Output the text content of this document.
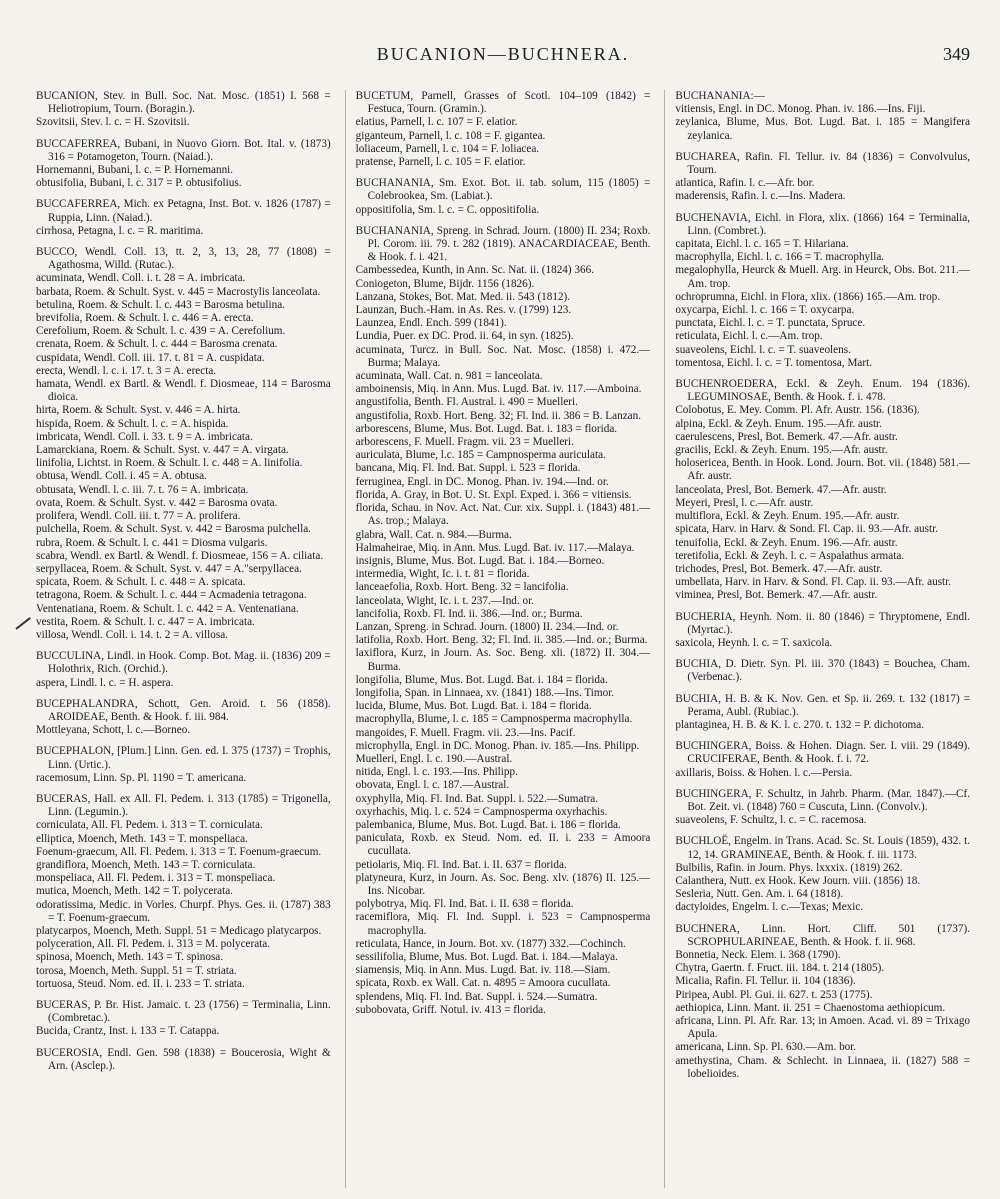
BUCANION—BUCHNERA.	349
BUCANION, Stev. in Bull. Soc. Nat. Mosc. (1851) I. 568 = Heliotropium, Tourn. (Boragin.).
Szovitsii, Stev. l. c. = H. Szovitsii.
BUCCAFERREA, Bubani, in Nuovo Giorn. Bot. Ital. v. (1873) 316 = Potamogeton, Tourn. (Naiad.).
Hornemanni, Bubani, l. c. = P. Hornemanni.
obtusifolia, Bubani, l. c. 317 = P. obtusifolius.
BUCCAFERREA, Mich. ex Petagna, Inst. Bot. v. 1826 (1787) = Ruppia, Linn. (Naiad.).
cirrhosa, Petagna, l. c. = R. maritima.
BUCCO, Wendl. Coll. 13, tt. 2, 3, 13, 28, 77 (1808) = Agathosma, Willd. (Rutac.).
acuminata, Wendl. Coll. i. t. 28 = A. imbricata.
barbata, Roem. & Schult. Syst. v. 445 = Macrostylis lanceolata.
betulina, Roem. & Schult. l. c. 443 = Barosma betulina.
brevifolia, Roem. & Schult. l. c. 446 = A. erecta.
Cerefolium, Roem. & Schult. l. c. 439 = A. Cerefolium.
crenata, Roem. & Schult. l. c. 444 = Barosma crenata.
cuspidata, Wendl. Coll. iii. 17. t. 81 = A. cuspidata.
erecta, Wendl. l. c. i. 17. t. 3 = A. erecta.
hamata, Wendl. ex Bartl. & Wendl. f. Diosmeae, 114 = Barosma dioica.
hirta, Roem. & Schult. Syst. v. 446 = A. hirta.
hispida, Roem. & Schult. l. c. = A. hispida.
imbricata, Wendl. Coll. i. 33. t. 9 = A. imbricata.
Lamarckiana, Roem. & Schult. Syst. v. 447 = A. virgata.
linifolia, Lichtst. in Roem. & Schult. l. c. 448 = A. linifolia.
obtusa, Wendl. Coll. i. 45 = A. obtusa.
obtusata, Wendl. l. c. iii. 7. t. 76 = A. imbricata.
ovata, Roem. & Schult. Syst. v. 442 = Barosma ovata.
prolifera, Wendl. Coll. iii. t. 77 = A. prolifera.
pulchella, Roem. & Schult. Syst. v. 442 = Barosma pulchella.
rubra, Roem. & Schult. l. c. 441 = Diosma vulgaris.
scabra, Wendl. ex Bartl. & Wendl. f. Diosmeae, 156 = A. ciliata.
serpyllacea, Roem. & Schult. Syst. v. 447 = A."serpyllacea.
spicata, Roem. & Schult. l. c. 448 = A. spicata.
tetragona, Roem. & Schult. l. c. 444 = Acmadenia tetragona.
Ventenatiana, Roem. & Schult. l. c. 442 = A. Ventenatiana.
vestita, Roem. & Schult. l. c. 447 = A. imbricata.
villosa, Wendl. Coll. i. 14. t. 2 = A. villosa.
BUCCULINA, Lindl. in Hook. Comp. Bot. Mag. ii. (1836) 209 = Holothrix, Rich. (Orchid.).
aspera, Lindl. l. c. = H. aspera.
BUCEPHALANDRA, Schott, Gen. Aroid. t. 56 (1858). AROIDEAE, Benth. & Hook. f. iii. 984.
Mottleyana, Schott, l. c.—Borneo.
BUCEPHALON, [Plum.] Linn. Gen. ed. I. 375 (1737) = Trophis, Linn. (Urtic.).
racemosum, Linn. Sp. Pl. 1190 = T. americana.
BUCERAS, Hall. ex All. Fl. Pedem. i. 313 (1785) = Trigonella, Linn. (Legumin.).
corniculata, All. Fl. Pedem. i. 313 = T. corniculata.
elliptica, Moench, Meth. 143 = T. monspeliaca.
Foenum-graecum, All. Fl. Pedem. i. 313 = T. Foenum-graecum.
grandiflora, Moench, Meth. 143 = T. corniculata.
monspeliaca, All. Fl. Pedem. i. 313 = T. monspeliaca.
mutica, Moench, Meth. 142 = T. polycerata.
odoratissima, Medic. in Vorles. Churpf. Phys. Ges. ii. (1787) 383 = T. Foenum-graecum.
platycarpos, Moench, Meth. Suppl. 51 = Medicago platycarpos.
polyceration, All. Fl. Pedem. i. 313 = M. polycerata.
spinosa, Moench, Meth. 143 = T. spinosa.
torosa, Moench, Meth. Suppl. 51 = T. striata.
tortuosa, Steud. Nom. ed. II. i. 233 = T. striata.
BUCERAS, P. Br. Hist. Jamaic. t. 23 (1756) = Terminalia, Linn. (Combretac.).
Bucida, Crantz, Inst. i. 133 = T. Catappa.
BUCEROSIA, Endl. Gen. 598 (1838) = Boucerosia, Wight & Arn. (Asclep.).
BUCETUM, Parnell, Grasses of Scotl. 104–109 (1842) = Festuca, Tourn. (Gramin.).
elatius, Parnell, l. c. 107 = F. elatior.
giganteum, Parnell, l. c. 108 = F. gigantea.
loliaceum, Parnell, l. c. 104 = F. loliacea.
pratense, Parnell, l. c. 105 = F. elatior.
BUCHANANIA, Sm. Exot. Bot. ii. tab. solum, 115 (1805) = Colebrookea, Sm. (Labiat.).
oppositifolia, Sm. l. c. = C. oppositifolia.
BUCHANANIA, Spreng. in Schrad. Journ. (1800) II. 234; Roxb. Pl. Corom. iii. 79. t. 282 (1819). ANACARDIACEAE, Benth. & Hook. f. i. 421.
Cambessedea, Kunth, in Ann. Sc. Nat. ii. (1824) 366.
Coniogeton, Blume, Bijdr. 1156 (1826).
Lanzana, Stokes, Bot. Mat. Med. ii. 543 (1812).
Launzan, Buch.-Ham. in As. Res. v. (1799) 123.
Launzea, Endl. Ench. 599 (1841).
Lundia, Puer. ex DC. Prod. ii. 64, in syn. (1825).
acuminata, Turcz. in Bull. Soc. Nat. Mosc. (1858) i. 472.—Burma; Malaya.
acuminata, Wall. Cat. n. 981 = lanceolata.
amboinensis, Miq. in Ann. Mus. Lugd. Bat. iv. 117.—Amboina.
angustifolia, Benth. Fl. Austral. i. 490 = Muelleri.
angustifolia, Roxb. Hort. Beng. 32; Fl. Ind. ii. 386 = B. Lanzan.
arborescens, Blume, Mus. Bot. Lugd. Bat. i. 183 = florida.
arborescens, F. Muell. Fragm. vii. 23 = Muelleri.
auriculata, Blume, l.c. 185 = Campnosperma auriculata.
bancana, Miq. Fl. Ind. Bat. Suppl. i. 523 = florida.
ferruginea, Engl. in DC. Monog. Phan. iv. 194.—Ind. or.
florida, A. Gray, in Bot. U. St. Expl. Exped. i. 366 = vitiensis.
florida, Schau. in Nov. Act. Nat. Cur. xix. Suppl. i. (1843) 481.—As. trop.; Malaya.
glabra, Wall. Cat. n. 984.—Burma.
Halmaheirae, Miq. in Ann. Mus. Lugd. Bat. iv. 117.—Malaya.
insignis, Blume, Mus. Bot. Lugd. Bat. i. 184.—Borneo.
intermedia, Wight, Ic. i. t. 81 = florida.
lanceaefolia, Roxb. Hort. Beng. 32 = lancifolia.
lanceolata, Wight, Ic. i. t. 237.—Ind. or.
lancifolia, Roxb. Fl. Ind. ii. 386.—Ind. or.; Burma.
Lanzan, Spreng. in Schrad. Journ. (1800) II. 234.—Ind. or.
latifolia, Roxb. Hort. Beng. 32; Fl. Ind. ii. 385.—Ind. or.; Burma.
laxiflora, Kurz, in Journ. As. Soc. Beng. xli. (1872) II. 304.—Burma.
longifolia, Blume, Mus. Bot. Lugd. Bat. i. 184 = florida.
longifolia, Span. in Linnaea, xv. (1841) 188.—Ins. Timor.
lucida, Blume, Mus. Bot. Lugd. Bat. i. 184 = florida.
macrophylla, Blume, l. c. 185 = Campnosperma macrophylla.
mangoides, F. Muell. Fragm. vii. 23.—Ins. Pacif.
microphylla, Engl. in DC. Monog. Phan. iv. 185.—Ins. Philipp.
Muelleri, Engl. l. c. 190.—Austral.
nitida, Engl. l. c. 193.—Ins. Philipp.
obovata, Engl. l. c. 187.—Austral.
oxyphylla, Miq. Fl. Ind. Bat. Suppl. i. 522.—Sumatra.
oxyrhachis, Miq. l. c. 524 = Campnosperma oxyrhachis.
palembanica, Blume, Mus. Bot. Lugd. Bat. i. 186 = florida.
paniculata, Roxb. ex Steud. Nom. ed. II. i. 233 = Amoora cucullata.
petiolaris, Miq. Fl. Ind. Bat. i. II. 637 = florida.
platyneura, Kurz, in Journ. As. Soc. Beng. xlv. (1876) II. 125.—Ins. Nicobar.
polybotrya, Miq. Fl. Ind. Bat. i. II. 638 = florida.
racemiflora, Miq. Fl. Ind. Suppl. i. 523 = Campnosperma macrophylla.
reticulata, Hance, in Journ. Bot. xv. (1877) 332.—Cochinch.
sessilifolia, Blume, Mus. Bot. Lugd. Bat. i. 184.—Malaya.
siamensis, Miq. in Ann. Mus. Lugd. Bat. iv. 118.—Siam.
spicata, Roxb. ex Wall. Cat. n. 4895 = Amoora cucullata.
splendens, Miq. Fl. Ind. Bat. Suppl. i. 524.—Sumatra.
subobovata, Griff. Notul. iv. 413 = florida.
BUCHANANIA:—
vitiensis, Engl. in DC. Monog. Phan. iv. 186.—Ins. Fiji.
zeylanica, Blume, Mus. Bot. Lugd. Bat. i. 185 = Mangifera zeylanica.
BUCHAREA, Rafin. Fl. Tellur. iv. 84 (1836) = Convolvulus, Tourn.
atlantica, Rafin. l. c.—Afr. bor.
maderensis, Rafin. l. c.—Ins. Madera.
BUCHENAVIA, Eichl. in Flora, xlix. (1866) 164 = Terminalia, Linn. (Combret.).
capitata, Eichl. l. c. 165 = T. Hilariana.
macrophylla, Eichl. l. c. 166 = T. macrophylla.
megalophylla, Heurck & Muell. Arg. in Heurck, Obs. Bot. 211.—Am. trop.
ochroprumna, Eichl. in Flora, xlix. (1866) 165.—Am. trop.
oxycarpa, Eichl. l. c. 166 = T. oxycarpa.
punctata, Eichl. l. c. = T. punctata, Spruce.
reticulata, Eichl. l. c.—Am. trop.
suaveolens, Eichl. l. c. = T. suaveolens.
tomentosa, Eichl. l. c. = T. tomentosa, Mart.
BUCHENROEDERA, Eckl. & Zeyh. Enum. 194 (1836). LEGUMINOSAE, Benth. & Hook. f. i. 478.
Colobotus, E. Mey. Comm. Pl. Afr. Austr. 156. (1836).
alpina, Eckl. & Zeyh. Enum. 195.—Afr. austr.
caerulescens, Presl, Bot. Bemerk. 47.—Afr. austr.
gracilis, Eckl. & Zeyh. Enum. 195.—Afr. austr.
holosericea, Benth. in Hook. Lond. Journ. Bot. vii. (1848) 581.—Afr. austr.
lanceolata, Presl, Bot. Bemerk. 47.—Afr. austr.
Meyeri, Presl, l. c.—Afr. austr.
multiflora, Eckl. & Zeyh. Enum. 195.—Afr. austr.
spicata, Harv. in Harv. & Sond. Fl. Cap. ii. 93.—Afr. austr.
tenuifolia, Eckl. & Zeyh. Enum. 196.—Afr. austr.
teretifolia, Eckl. & Zeyh. l. c. = Aspalathus armata.
trichodes, Presl, Bot. Bemerk. 47.—Afr. austr.
umbellata, Harv. in Harv. & Sond. Fl. Cap. ii. 93.—Afr. austr.
viminea, Presl, Bot. Bemerk. 47.—Afr. austr.
BUCHERIA, Heynh. Nom. ii. 80 (1846) = Thryptomene, Endl. (Myrtac.).
saxicola, Heynh. l. c. = T. saxicola.
BUCHIA, D. Dietr. Syn. Pl. iii. 370 (1843) = Bouchea, Cham. (Verbenac.).
BUCHIA, H. B. & K. Nov. Gen. et Sp. ii. 269. t. 132 (1817) = Perama, Aubl. (Rubiac.).
plantaginea, H. B. & K. l. c. 270. t. 132 = P. dichotoma.
BUCHINGERA, Boiss. & Hohen. Diagn. Ser. I. viii. 29 (1849). CRUCIFERAE, Benth. & Hook. f. i. 72.
axillaris, Boiss. & Hohen. l. c.—Persia.
BUCHINGERA, F. Schultz, in Jahrb. Pharm. (Mar. 1847).—Cf. Bot. Zeit. vi. (1848) 760 = Cuscuta, Linn. (Convolv.).
suaveolens, F. Schultz, l. c. = C. racemosa.
BUCHLOË, Engelm. in Trans. Acad. Sc. St. Louis (1859), 432. t. 12, 14. GRAMINEAE, Benth. & Hook. f. iii. 1173.
Bulbilis, Rafin. in Journ. Phys. lxxxix. (1819) 262.
Calanthera, Nutt. ex Hook. Kew Journ. viii. (1856) 18.
Sesleria, Nutt. Gen. Am. i. 64 (1818).
dactyloides, Engelm. l. c.—Texas; Mexic.
BUCHNERA, Linn. Hort. Cliff. 501 (1737). SCROPHULARINEAE, Benth. & Hook. f. ii. 968.
Bonnetia, Neck. Elem. i. 368 (1790).
Chytra, Gaertn. f. Fruct. iii. 184. t. 214 (1805).
Micalia, Rafin. Fl. Tellur. ii. 104 (1836).
Piripea, Aubl. Pl. Gui. ii. 627. t. 253 (1775).
aethiopica, Linn. Mant. ii. 251 = Chaenostoma aethiopicum.
africana, Linn. Pl. Afr. Rar. 13; in Amoen. Acad. vi. 89 = Trixago Apula.
americana, Linn. Sp. Pl. 630.—Am. bor.
amethystina, Cham. & Schlecht. in Linnaea, ii. (1827) 588 = lobelioides.
